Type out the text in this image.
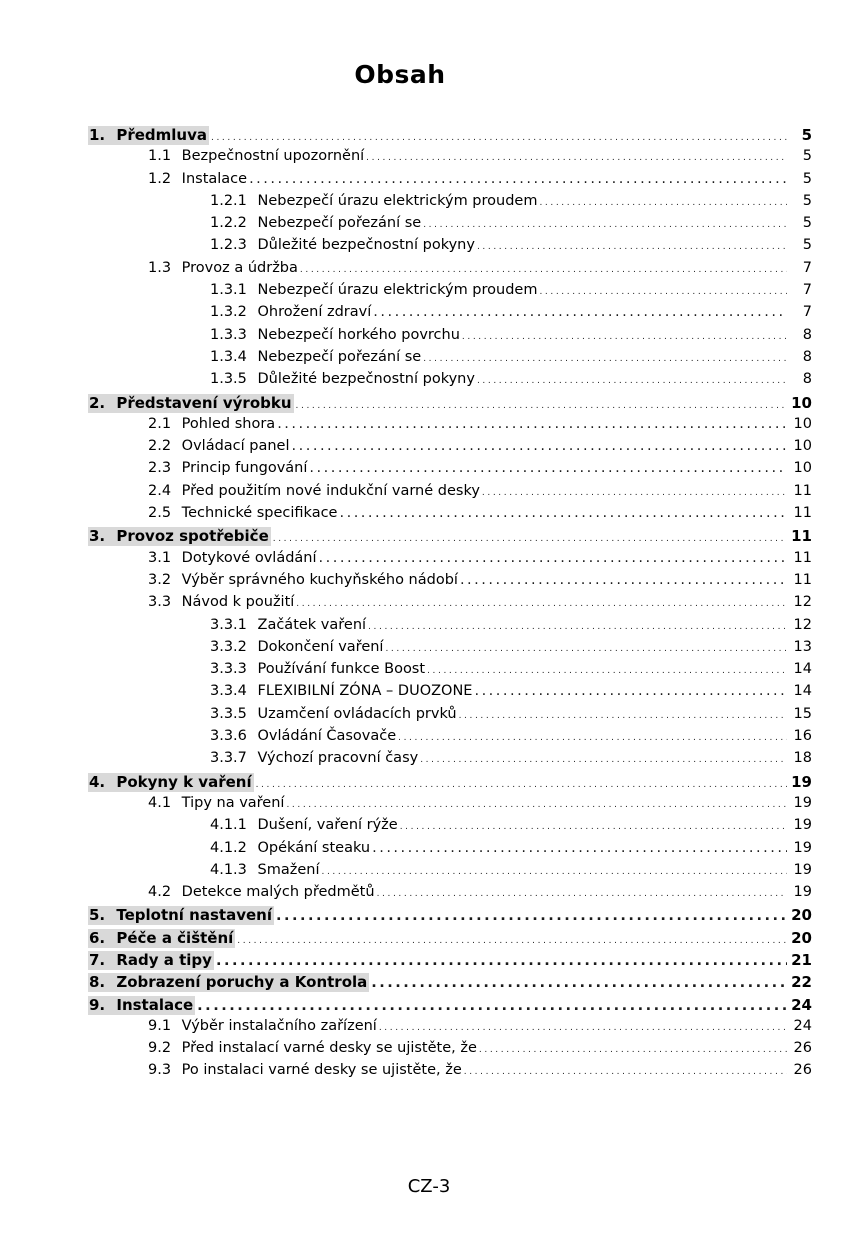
Obsah
1. Předmluva .....	5
1.1 Bezpečnostní upozornění .....	5
1.2 Instalace .....	5
1.2.1 Nebezpečí úrazu elektrickým proudem .....	5
1.2.2 Nebezpečí pořezání se .....	5
1.2.3 Důležité bezpečnostní pokyny .....	5
1.3 Provoz a údržba .....	7
1.3.1 Nebezpečí úrazu elektrickým proudem .....	7
1.3.2 Ohrožení zdraví .....	7
1.3.3 Nebezpečí horkého povrchu .....	8
1.3.4 Nebezpečí pořezání se .....	8
1.3.5 Důležité bezpečnostní pokyny .....	8
2. Představení výrobku .....	10
2.1 Pohled shora .....	10
2.2 Ovládací panel .....	10
2.3 Princip fungování .....	10
2.4 Před použitím nové indukční varné desky .....	11
2.5 Technické specifikace .....	11
3. Provoz spotřebiče .....	11
3.1 Dotykové ovládání .....	11
3.2 Výběr správného kuchyňského nádobí .....	11
3.3 Návod k použití .....	12
3.3.1 Začátek vaření .....	12
3.3.2 Dokončení vaření .....	13
3.3.3 Používání funkce Boost .....	14
3.3.4 FLEXIBILNÍ ZÓNA – DUOZONE .....	14
3.3.5 Uzamčení ovládacích prvků .....	15
3.3.6 Ovládání Časovače .....	16
3.3.7 Výchozí pracovní časy .....	18
4. Pokyny k vaření .....	19
4.1 Tipy na vaření .....	19
4.1.1 Dušení, vaření rýže .....	19
4.1.2 Opékání steaku .....	19
4.1.3 Smažení .....	19
4.2 Detekce malých předmětů .....	19
5. Teplotní nastavení .....	20
6. Péče a čištění .....	20
7. Rady a tipy .....	21
8. Zobrazení poruchy a Kontrola .....	22
9. Instalace .....	24
9.1 Výběr instalačního zařízení .....	24
9.2 Před instalací varné desky se ujistěte, že .....	26
9.3 Po instalaci varné desky se ujistěte, že .....	26
CZ-3
